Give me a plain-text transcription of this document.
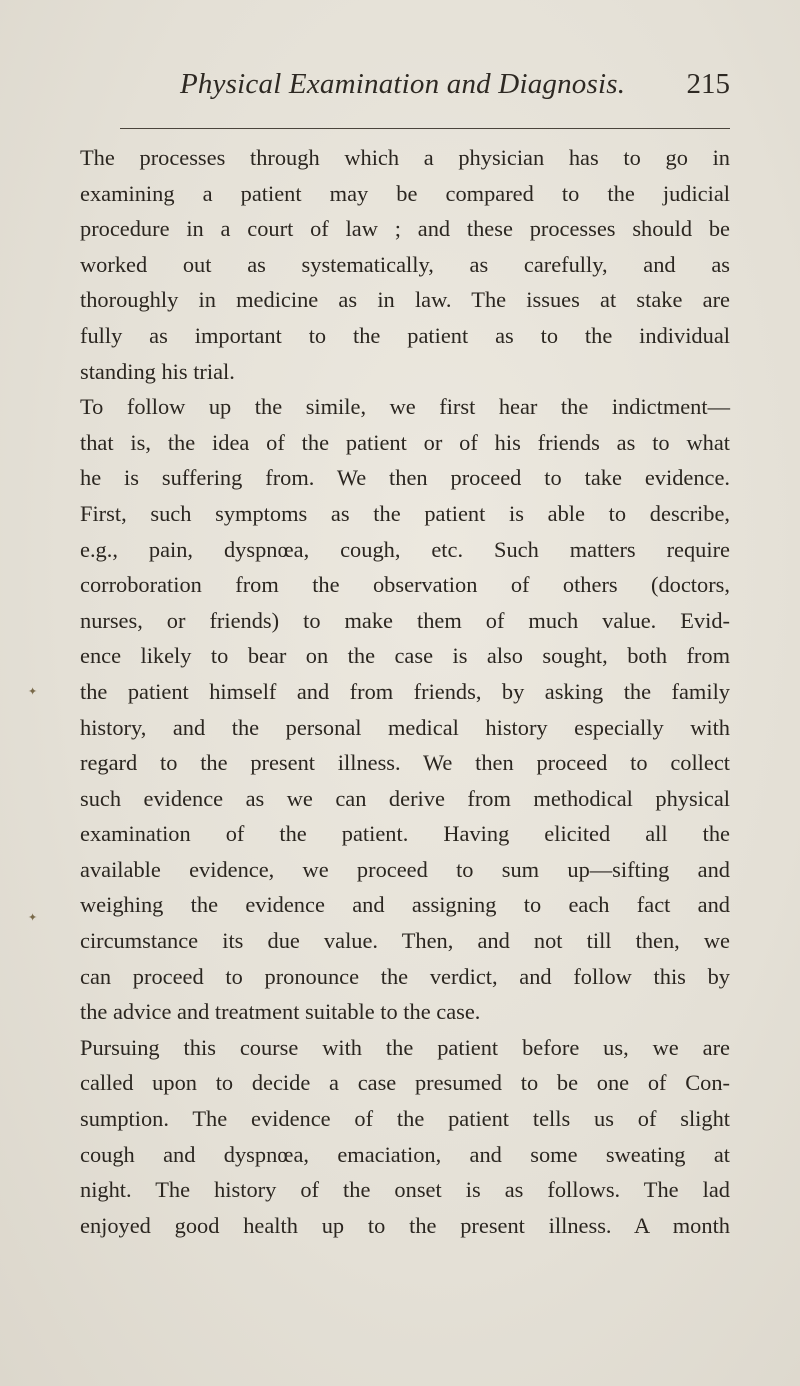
Physical Examination and Diagnosis. 215
The processes through which a physician has to go in
examining a patient may be compared to the judicial
procedure in a court of law ; and these processes should be
worked out as systematically, as carefully, and as
thoroughly in medicine as in law. The issues at stake are
fully as important to the patient as to the individual
standing his trial.
To follow up the simile, we first hear the indictment—
that is, the idea of the patient or of his friends as to what
he is suffering from. We then proceed to take evidence.
First, such symptoms as the patient is able to describe,
e.g., pain, dyspnœa, cough, etc. Such matters require
corroboration from the observation of others (doctors,
nurses, or friends) to make them of much value. Evid-
ence likely to bear on the case is also sought, both from
the patient himself and from friends, by asking the family
history, and the personal medical history especially with
regard to the present illness. We then proceed to collect
such evidence as we can derive from methodical physical
examination of the patient. Having elicited all the
available evidence, we proceed to sum up—sifting and
weighing the evidence and assigning to each fact and
circumstance its due value. Then, and not till then, we
can proceed to pronounce the verdict, and follow this by
the advice and treatment suitable to the case.
Pursuing this course with the patient before us, we are
called upon to decide a case presumed to be one of Con-
sumption. The evidence of the patient tells us of slight
cough and dyspnœa, emaciation, and some sweating at
night. The history of the onset is as follows. The lad
enjoyed good health up to the present illness. A month
✦
✦
